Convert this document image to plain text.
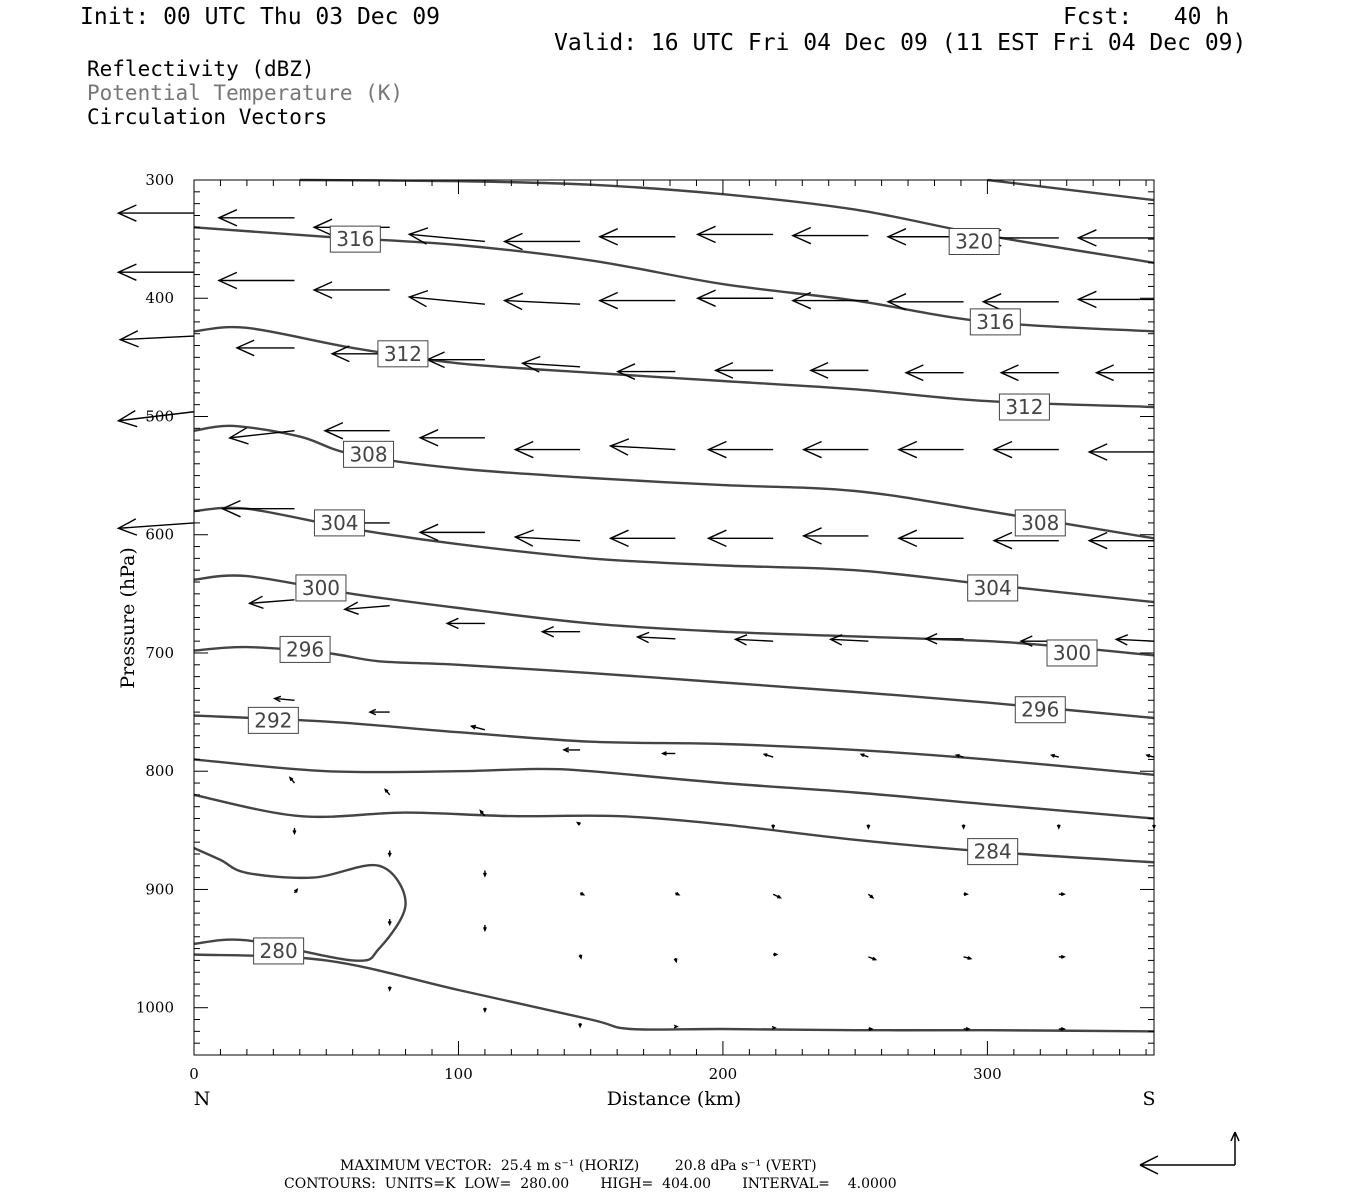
Init: 00 UTC Thu 03 Dec 09	Fcst:   40 h
Valid: 16 UTC Fri 04 Dec 09 (11 EST Fri 04 Dec 09)
Reflectivity (dBZ)
Potential Temperature (K)
Circulation Vectors
316	320
316
312
312
308
308
304
304
300
300
296
296
292
284
280
300
400
500
600
700
800
900
1000
0	100	200	300
Distance (km)
Pressure (hPa)
N	S
MAXIMUM VECTOR:  25.4 m s⁻¹ (HORIZ)        20.8 dPa s⁻¹ (VERT)
CONTOURS:  UNITS=K  LOW=  280.00       HIGH=  404.00       INTERVAL=    4.0000
